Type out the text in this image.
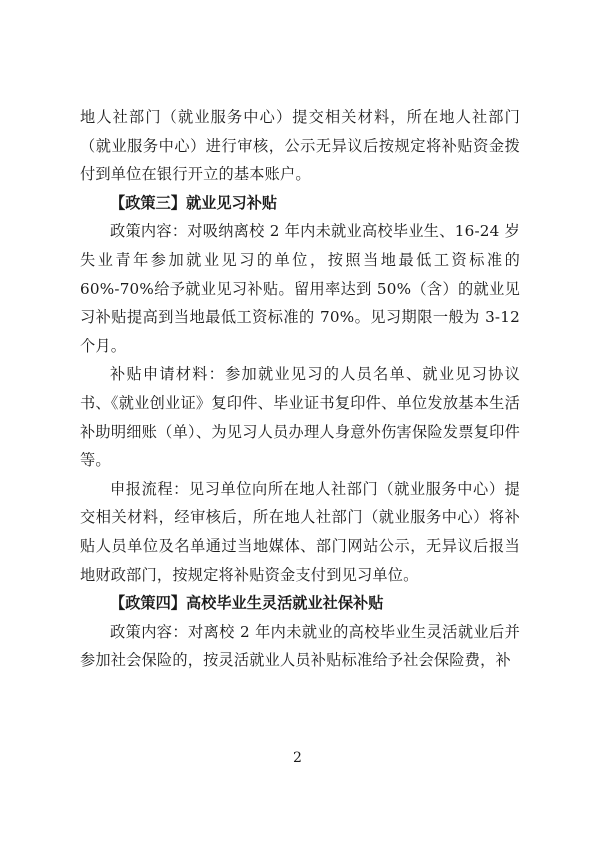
地人社部门（就业服务中心）提交相关材料，所在地人社部门（就业服务中心）进行审核，公示无异议后按规定将补贴资金拨付到单位在银行开立的基本账户。

【政策三】就业见习补贴

政策内容：对吸纳离校 2 年内未就业高校毕业生、16-24 岁失业青年参加就业见习的单位，按照当地最低工资标准的 60%-70%给予就业见习补贴。留用率达到 50%（含）的就业见习补贴提高到当地最低工资标准的 70%。见习期限一般为 3-12 个月。

补贴申请材料：参加就业见习的人员名单、就业见习协议书、《就业创业证》复印件、毕业证书复印件、单位发放基本生活补助明细账（单）、为见习人员办理人身意外伤害保险发票复印件等。

申报流程：见习单位向所在地人社部门（就业服务中心）提交相关材料，经审核后，所在地人社部门（就业服务中心）将补贴人员单位及名单通过当地媒体、部门网站公示，无异议后报当地财政部门，按规定将补贴资金支付到见习单位。

【政策四】高校毕业生灵活就业社保补贴

政策内容：对离校 2 年内未就业的高校毕业生灵活就业后并参加社会保险的，按灵活就业人员补贴标准给予社会保险费，补

2
